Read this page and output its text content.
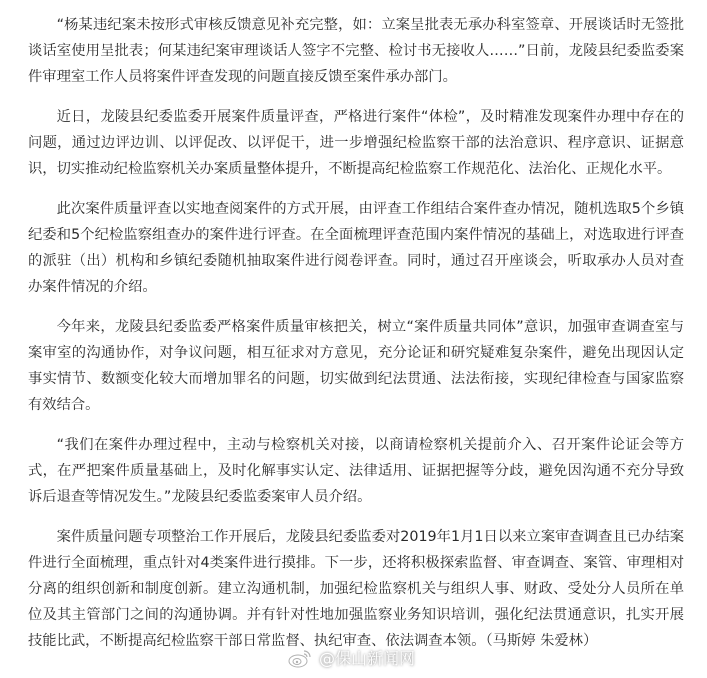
“杨某违纪案未按形式审核反馈意见补充完整，如：立案呈批表无承办科室签章、开展谈话时无签批谈话室使用呈批表；何某违纪案审理谈话人签字不完整、检讨书无接收人……”日前，龙陵县纪委监委案件审理室工作人员将案件评查发现的问题直接反馈至案件承办部门。

近日，龙陵县纪委监委开展案件质量评查，严格进行案件“体检”，及时精准发现案件办理中存在的问题，通过边评边训、以评促改、以评促干，进一步增强纪检监察干部的法治意识、程序意识、证据意识，切实推动纪检监察机关办案质量整体提升，不断提高纪检监察工作规范化、法治化、正规化水平。

此次案件质量评查以实地查阅案件的方式开展，由评查工作组结合案件查办情况，随机选取5个乡镇纪委和5个纪检监察组查办的案件进行评查。在全面梳理评查范围内案件情况的基础上，对选取进行评查的派驻（出）机构和乡镇纪委随机抽取案件进行阅卷评查。同时，通过召开座谈会，听取承办人员对查办案件情况的介绍。

今年来，龙陵县纪委监委严格案件质量审核把关，树立“案件质量共同体”意识，加强审查调查室与案审室的沟通协作，对争议问题，相互征求对方意见，充分论证和研究疑难复杂案件，避免出现因认定事实情节、数额变化较大而增加罪名的问题，切实做到纪法贯通、法法衔接，实现纪律检查与国家监察有效结合。

“我们在案件办理过程中，主动与检察机关对接，以商请检察机关提前介入、召开案件论证会等方式，在严把案件质量基础上，及时化解事实认定、法律适用、证据把握等分歧，避免因沟通不充分导致诉后退查等情况发生。”龙陵县纪委监委案审人员介绍。

案件质量问题专项整治工作开展后，龙陵县纪委监委对2019年1月1日以来立案审查调查且已办结案件进行全面梳理，重点针对4类案件进行摸排。下一步，还将积极探索监督、审查调查、案管、审理相对分离的组织创新和制度创新。建立沟通机制，加强纪检监察机关与组织人事、财政、受处分人员所在单位及其主管部门之间的沟通协调。并有针对性地加强监察业务知识培训，强化纪法贯通意识，扎实开展技能比武，不断提高纪检监察干部日常监督、执纪审查、依法调查本领。（马斯婷 朱爱林）

@保山新闻网
